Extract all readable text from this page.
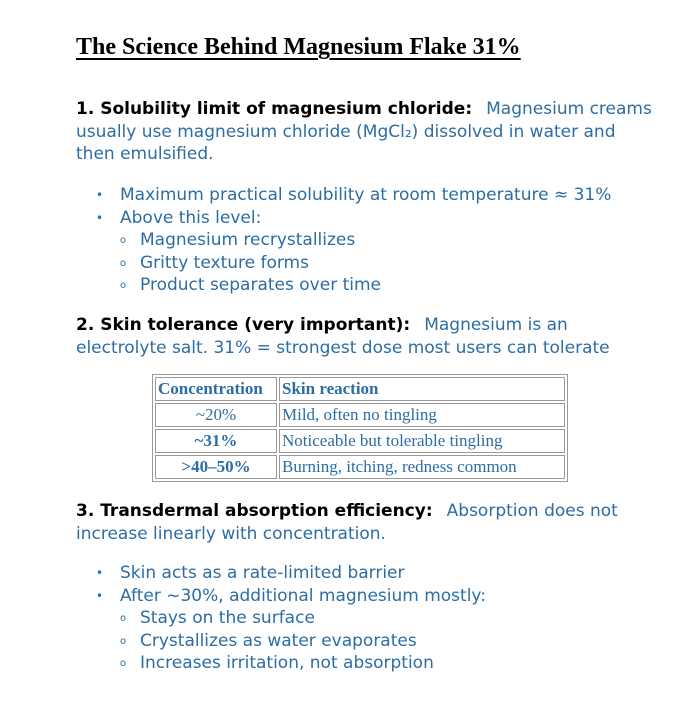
The Science Behind Magnesium Flake 31%
1. Solubility limit of magnesium chloride: Magnesium creams usually use magnesium chloride (MgCl₂) dissolved in water and then emulsified.
• Maximum practical solubility at room temperature ≈ 31%
• Above this level:
o Magnesium recrystallizes
o Gritty texture forms
o Product separates over time
2. Skin tolerance (very important): Magnesium is an electrolyte salt. 31% = strongest dose most users can tolerate
Concentration	Skin reaction
~20%	Mild, often no tingling
~31%	Noticeable but tolerable tingling
>40–50%	Burning, itching, redness common
3. Transdermal absorption efficiency: Absorption does not increase linearly with concentration.
• Skin acts as a rate-limited barrier
• After ~30%, additional magnesium mostly:
o Stays on the surface
o Crystallizes as water evaporates
o Increases irritation, not absorption
